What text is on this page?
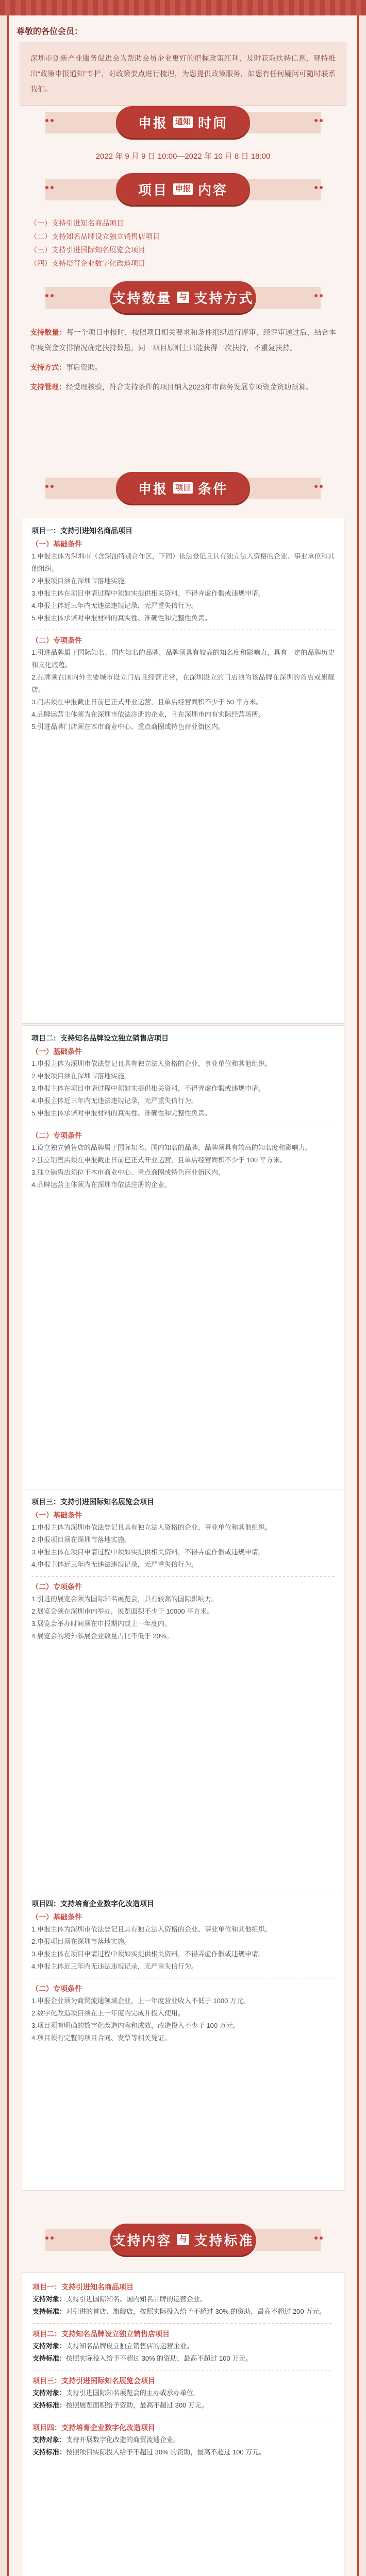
尊敬的各位会员：
深圳市创新产业服务促进会为帮助会员企业更好的把握政策红利，及时获取扶持信息，现特推出“政策申报通知”专栏，对政策要点进行梳理，为您提供政策服务，如您有任何疑问可随时联系我们。
申报 通知 时间
2022 年 9 月 9 日 10:00—2022 年 10 月 8 日 18:00
项目 申报 内容
（一）支持引进知名商品项目
（二）支持知名品牌设立独立销售店项目
（三）支持引进国际知名展览会项目
（四）支持培育企业数字化改造项目
支持数量 与 支持方式

支持数量：每一个项目申报时，按照项目相关要求和条件组织进行评审，经评审通过后，结合本年度资金安排情况确定扶持数量，同一项目原则上只能获得一次扶持，不重复扶持。

支持方式：事后资助。

支持管理：经受理核验，符合支持条件的项目纳入2023年市商务发展专项资金资助预算。

申报 项目 条件
项目一：支持引进知名商品项目
（一）基础条件
1.申报主体为深圳市（含深汕特别合作区，下同）依法登记且具有独立法人资格的企业、事业单位和其他组织。
2.申报项目须在深圳市落地实施。
3.申报主体在项目申请过程中须如实提供相关资料，不得弄虚作假或违规申请。
4.申报主体近三年内无违法违规记录，无严重失信行为。
5.申报主体承诺对申报材料的真实性、准确性和完整性负责。
（二）专项条件
1.引进品牌属于国际知名、国内知名的品牌，品牌须具有较高的知名度和影响力，具有一定的品牌历史和文化底蕴。
2.品牌须在国内外主要城市设立门店且经营正常，在深圳设立的门店须为该品牌在深圳的首店或旗舰店。
3.门店须在申报截止日前已正式开业运营，且单店经营面积不少于 50 平方米。
4.品牌运营主体须为在深圳市依法注册的企业，且在深圳市内有实际经营场所。
5.引进品牌门店须在本市商业中心、重点商圈或特色商业街区内。
项目二：支持知名品牌设立独立销售店项目
（一）基础条件
1.申报主体为深圳市依法登记且具有独立法人资格的企业、事业单位和其他组织。
2.申报项目须在深圳市落地实施。
3.申报主体在项目申请过程中须如实提供相关资料，不得弄虚作假或违规申请。
4.申报主体近三年内无违法违规记录，无严重失信行为。
5.申报主体承诺对申报材料的真实性、准确性和完整性负责。
（二）专项条件
1.设立独立销售店的品牌属于国际知名、国内知名的品牌，品牌须具有较高的知名度和影响力。
2.独立销售店须在申报截止日前已正式开业运营，且单店经营面积不少于 100 平方米。
3.独立销售店须位于本市商业中心、重点商圈或特色商业街区内。
4.品牌运营主体须为在深圳市依法注册的企业。
项目三：支持引进国际知名展览会项目
（一）基础条件
1.申报主体为深圳市依法登记且具有独立法人资格的企业、事业单位和其他组织。
2.申报项目须在深圳市落地实施。
3.申报主体在项目申请过程中须如实提供相关资料，不得弄虚作假或违规申请。
4.申报主体近三年内无违法违规记录，无严重失信行为。
（二）专项条件
1.引进的展览会须为国际知名展览会，具有较高的国际影响力。
2.展览会须在深圳市内举办，展览面积不少于 10000 平方米。
3.展览会举办时间须在申报期内或上一年度内。
4.展览会的境外参展企业数量占比不低于 20%。
项目四：支持培育企业数字化改造项目
（一）基础条件
1.申报主体为深圳市依法登记且具有独立法人资格的企业、事业单位和其他组织。
2.申报项目须在深圳市落地实施。
3.申报主体在项目申请过程中须如实提供相关资料，不得弄虚作假或违规申请。
4.申报主体近三年内无违法违规记录，无严重失信行为。
（二）专项条件
1.申报企业须为商贸流通领域企业，上一年度营业收入不低于 1000 万元。
2.数字化改造项目须在上一年度内完成并投入使用。
3.项目须有明确的数字化改造内容和成效，改造投入不少于 100 万元。
4.项目须有完整的项目合同、发票等相关凭证。
支持内容 与 支持标准
项目一：支持引进知名商品项目
支持对象：支持引进国际知名、国内知名品牌的运营企业。
支持标准：对引进的首店、旗舰店，按照实际投入给予不超过 30% 的资助，最高不超过 200 万元。
项目二：支持知名品牌设立独立销售店项目
支持对象：支持知名品牌设立独立销售店的运营企业。
支持标准：按照实际投入给予不超过 30% 的资助，最高不超过 100 万元。
项目三：支持引进国际知名展览会项目
支持对象：支持引进国际知名展览会的主办或承办单位。
支持标准：按照展览面积给予资助，最高不超过 300 万元。
项目四：支持培育企业数字化改造项目
支持对象：支持开展数字化改造的商贸流通企业。
支持标准：按照项目实际投入给予不超过 30% 的资助，最高不超过 100 万元。
